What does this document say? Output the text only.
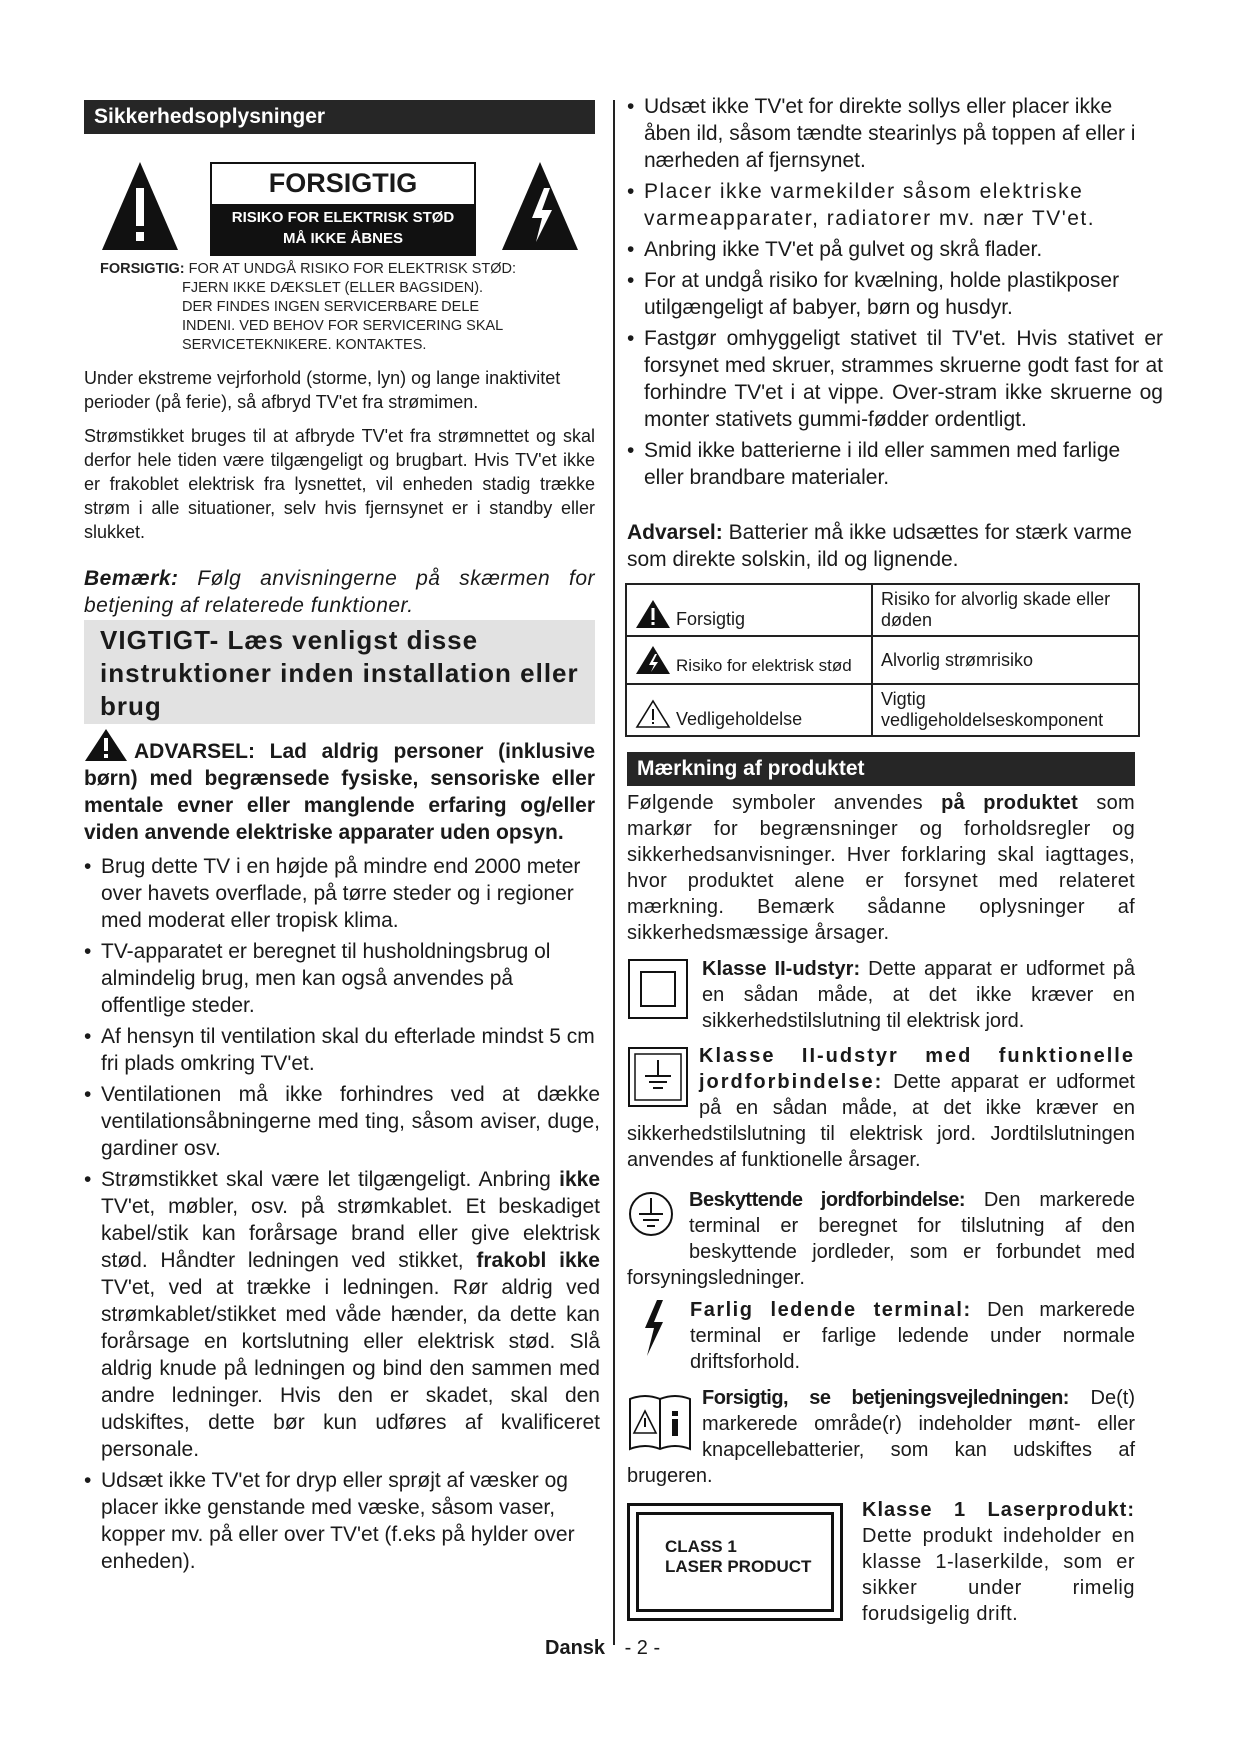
Sikkerhedsoplysninger
FORSIGTIG
RISIKO FOR ELEKTRISK STØD
MÅ IKKE ÅBNES
FORSIGTIG: FOR AT UNDGÅ RISIKO FOR ELEKTRISK STØD:
FJERN IKKE DÆKSLET (ELLER BAGSIDEN).
DER FINDES INGEN SERVICERBARE DELE
INDENI. VED BEHOV FOR SERVICERING SKAL
SERVICETEKNIKERE. KONTAKTES.

Under ekstreme vejrforhold (storme, lyn) og lange inaktivitet perioder (på ferie), så afbryd TV'et fra strømimen.

Strømstikket bruges til at afbryde TV'et fra strømnettet og skal derfor hele tiden være tilgængeligt og brugbart. Hvis TV'et ikke er frakoblet elektrisk fra lysnettet, vil enheden stadig trække strøm i alle situationer, selv hvis fjernsynet er i standby eller slukket.

Bemærk: Følg anvisningerne på skærmen for betjening af relaterede funktioner.
VIGTIGT- Læs venligst disse instruktioner inden installation eller brug
ADVARSEL: Lad aldrig personer (inklusive børn) med begrænsede fysiske, sensoriske eller mentale evner eller manglende erfaring og/eller viden anvende elektriske apparater uden opsyn.

• Brug dette TV i en højde på mindre end 2000 meter over havets overflade, på tørre steder og i regioner med moderat eller tropisk klima.

• TV-apparatet er beregnet til husholdningsbrug ol almindelig brug, men kan også anvendes på offentlige steder.

• Af hensyn til ventilation skal du efterlade mindst 5 cm fri plads omkring TV'et.

• Ventilationen må ikke forhindres ved at dække ventilationsåbningerne med ting, såsom aviser, duge, gardiner osv.

• Strømstikket skal være let tilgængeligt. Anbring ikke TV'et, møbler, osv. på strømkablet. Et beskadiget kabel/stik kan forårsage brand eller give elektrisk stød. Håndter ledningen ved stikket, frakobl ikke TV'et, ved at trække i ledningen. Rør aldrig ved strømkablet/stikket med våde hænder, da dette kan forårsage en kortslutning eller elektrisk stød. Slå aldrig knude på ledningen og bind den sammen med andre ledninger. Hvis den er skadet, skal den udskiftes, dette bør kun udføres af kvalificeret personale.

• Udsæt ikke TV'et for dryp eller sprøjt af væsker og placer ikke genstande med væske, såsom vaser, kopper mv. på eller over TV'et (f.eks på hylder over enheden).

• Udsæt ikke TV'et for direkte sollys eller placer ikke åben ild, såsom tændte stearinlys på toppen af eller i nærheden af fjernsynet.

• Placer ikke varmekilder såsom elektriske varmeapparater, radiatorer mv. nær TV'et.

• Anbring ikke TV'et på gulvet og skrå flader.

• For at undgå risiko for kvælning, holde plastikposer utilgængeligt af babyer, børn og husdyr.

• Fastgør omhyggeligt stativet til TV'et. Hvis stativet er forsynet med skruer, strammes skruerne godt fast for at forhindre TV'et i at vippe. Over-stram ikke skruerne og monter stativets gummi-fødder ordentligt.

• Smid ikke batterierne i ild eller sammen med farlige eller brandbare materialer.

Advarsel: Batterier må ikke udsættes for stærk varme som direkte solskin, ild og lignende.
Forsigtig	Risiko for alvorlig skade eller døden
Risiko for elektrisk stød	Alvorlig strømrisiko
Vedligeholdelse	Vigtig vedligeholdelseskomponent
Mærkning af produktet
Følgende symboler anvendes på produktet som markør for begrænsninger og forholdsregler og sikkerhedsanvisninger. Hver forklaring skal iagttages, hvor produktet alene er forsynet med relateret mærkning. Bemærk sådanne oplysninger af sikkerhedsmæssige årsager.
Klasse II-udstyr: Dette apparat er udformet på en sådan måde, at det ikke kræver en sikkerhedstilslutning til elektrisk jord.
Klasse II-udstyr med funktionelle jordforbindelse: Dette apparat er udformet på en sådan måde, at det ikke kræver en sikkerhedstilslutning til elektrisk jord. Jordtilslutningen anvendes af funktionelle årsager.
Beskyttende jordforbindelse: Den markerede terminal er beregnet for tilslutning af den beskyttende jordleder, som er forbundet med forsyningsledninger.
Farlig ledende terminal: Den markerede terminal er farlige ledende under normale driftsforhold.
Forsigtig, se betjeningsvejledningen: De(t) markerede område(r) indeholder mønt- eller knapcellebatterier, som kan udskiftes af brugeren.
CLASS 1
LASER PRODUCT
Klasse 1 Laserprodukt: Dette produkt indeholder en klasse 1-laserkilde, som er sikker under rimelig forudsigelig drift.
Dansk - 2 -
